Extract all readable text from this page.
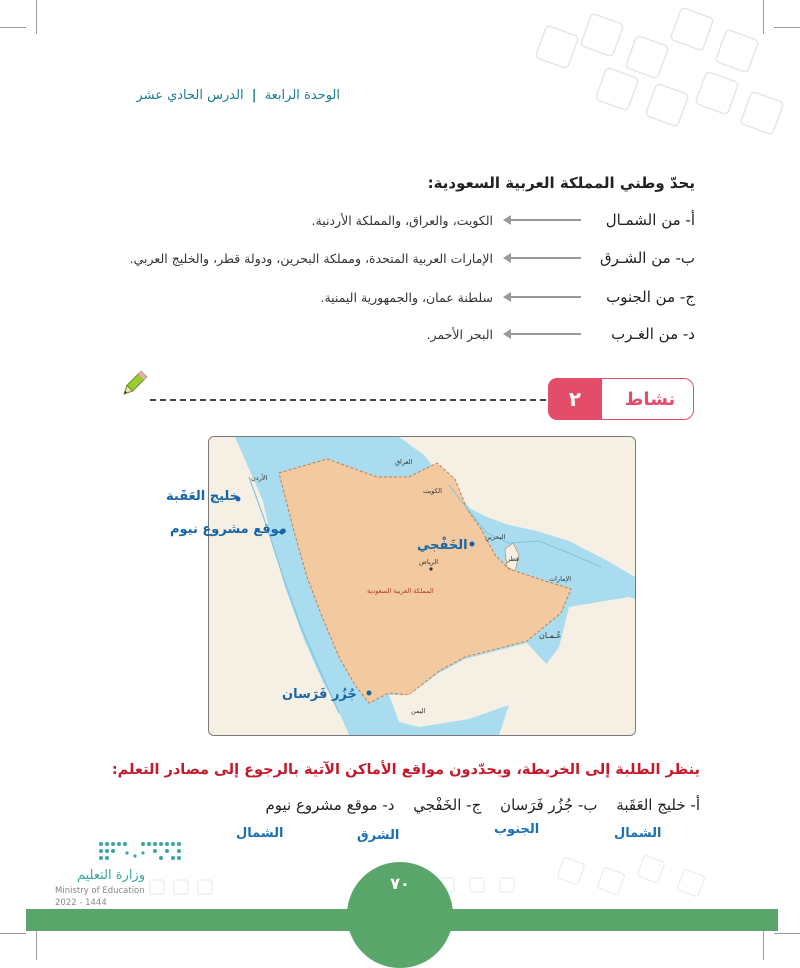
الوحدة الرابعة | الدرس الحادي عشر
يحدّ وطني المملكة العربية السعودية:
أ- من الشمـال
الكويت، والعراق، والمملكة الأردنية.
ب- من الشـرق
الإمارات العربية المتحدة، ومملكة البحرين، ودولة قطر، والخليج العربي.
ج- من الجنوب
سلطنة عمان، والجمهورية اليمنية.
د- من الغـرب
البحر الأحمر.
٢	نشاط
العراق
الأردن
الكويت
البحرين
قطر
الإمارات
عُـمـان
اليمن
الرياض
المملكة العربية السعودية
الخَفْجي
جُزُر فَرَسان
خليج العَقَبة
موقع مشروع نيوم
ينظر الطلبة إلى الخريطة، ويحدّدون مواقع الأماكن الآتية بالرجوع إلى مصادر التعلم:
أ- خليج العَقَبة ب- جُزُر فَرَسان ج- الخَفْجي د- موقع مشروع نيوم
الشمال
الجنوب
الشرق
الشمال
٧٠
وزارة التعليم
Ministry of Education
2022 - 1444
